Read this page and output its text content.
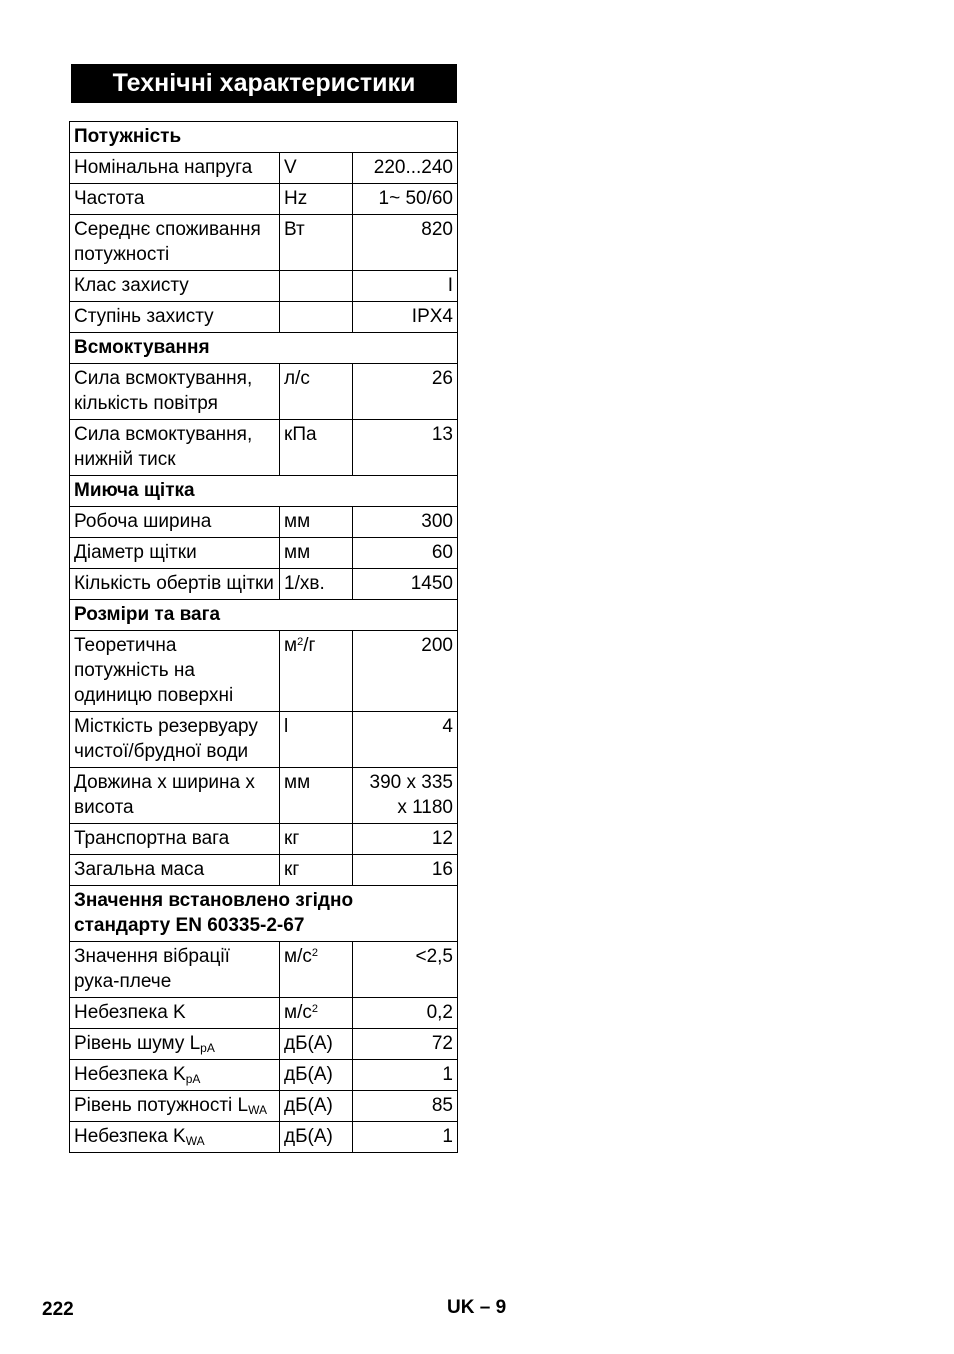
Технічні характеристики
Потужність		
Номінальна напруга	V	220...240
Частота	Hz	1~ 50/60
Середнє споживання потужності	Вт	820
Клас захисту		I
Ступінь захисту		IPX4
Всмоктування		
Сила всмоктування, кількість повітря	л/с	26
Сила всмоктування, нижній тиск	кПа	13
Миюча щітка		
Робоча ширина	мм	300
Діаметр щітки	мм	60
Кількість обертів щітки	1/хв.	1450
Розміри та вага		
Теоретична потужність на одиницю поверхні	$м^2/г$	200
Місткість резервуару чистої/брудної води	l	4
Довжина x ширина x висота	мм	390 x 335 x 1180
Транспортна вага	кг	12
Загальна маса	кг	16
Значення встановлено згідно стандарту EN 60335-2-67		
Значення вібрації рука-плече	$м/с^2$	<2,5
Небезпека K	$м/с^2$	0,2
Рівень шуму $L_{pA}$	дБ(А)	72
Небезпека $K_{pA}$	дБ(А)	1
Рівень потужності $L_{WA}$	дБ(А)	85
Небезпека $K_{WA}$	дБ(А)	1
222	UK – 9
